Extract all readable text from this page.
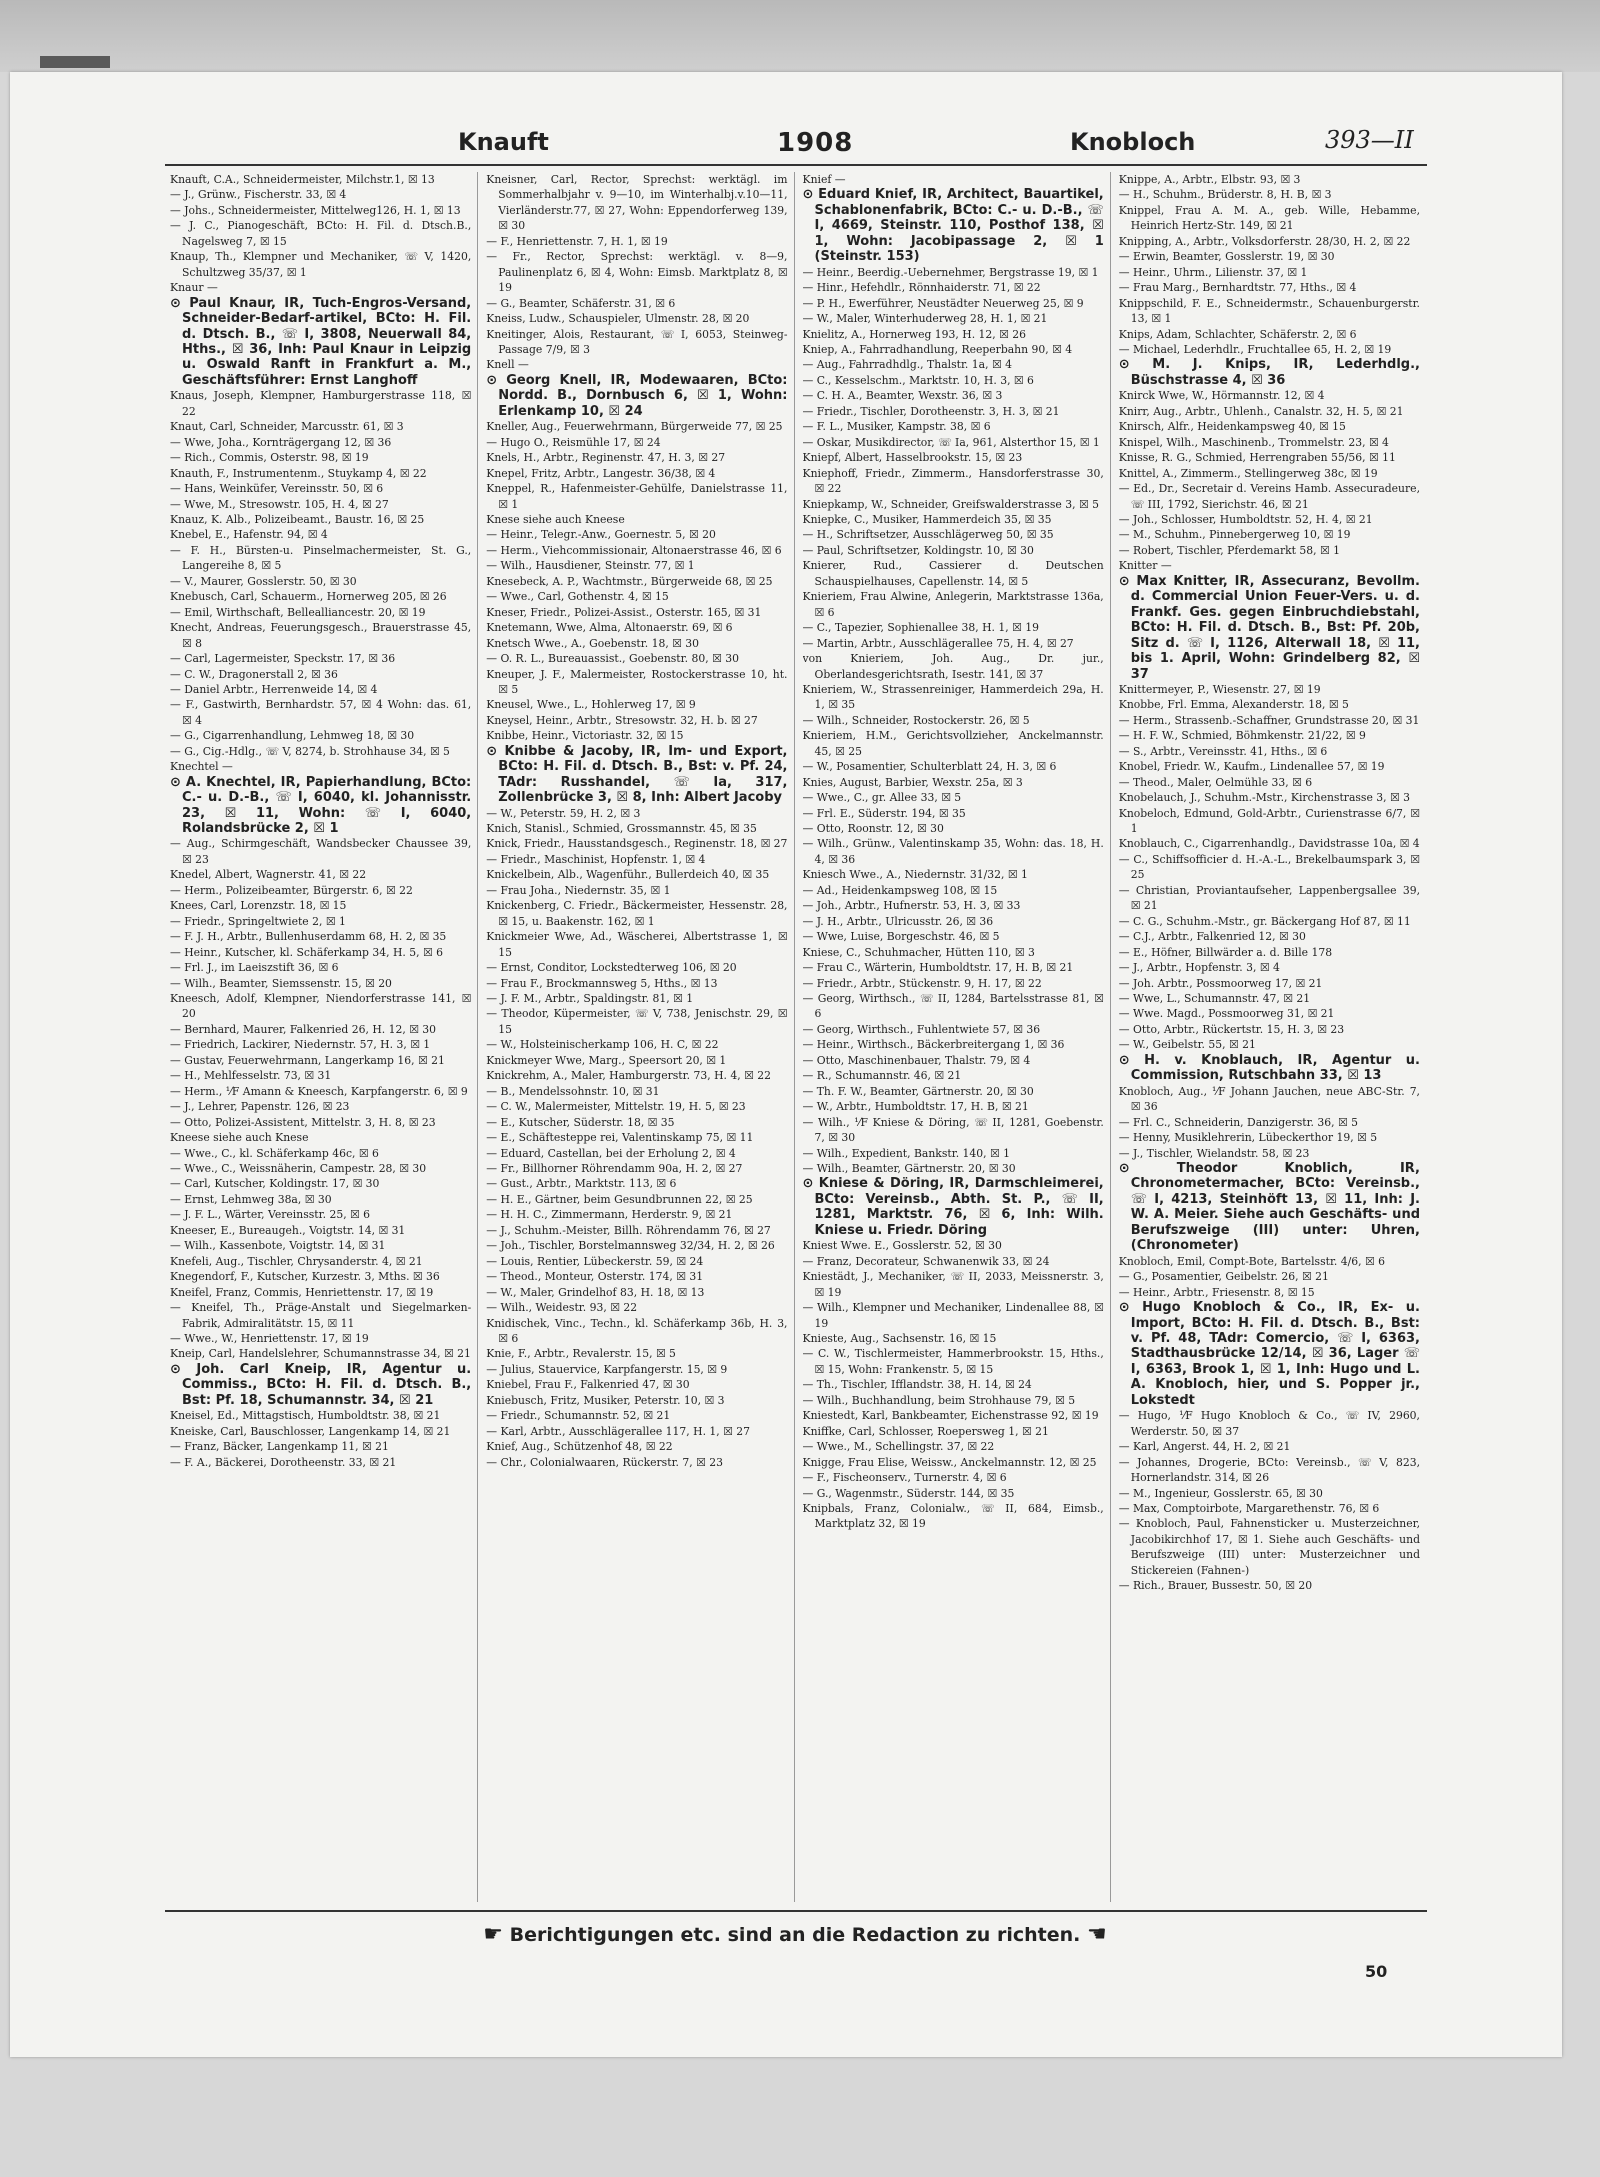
Knauft	1908	Knobloch	393—II

Knauft, C.A., Schneidermeister, Milchstr.1, ☒ 13

— J., Grünw., Fischerstr. 33, ☒ 4

— Johs., Schneidermeister, Mittelweg126, H. 1, ☒ 13

— J. C., Pianogeschäft, BCto: H. Fil. d. Dtsch.B., Nagelsweg 7, ☒ 15

Knaup, Th., Klempner und Mechaniker, ☏ V, 1420, Schultzweg 35/37, ☒ 1

Knaur —

⊙ Paul Knaur, IR, Tuch-Engros-Versand, Schneider-Bedarf-artikel, BCto: H. Fil. d. Dtsch. B., ☏ I, 3808, Neuerwall 84, Hths., ☒ 36, Inh: Paul Knaur in Leipzig u. Oswald Ranft in Frankfurt a. M., Geschäftsführer: Ernst Langhoff

Knaus, Joseph, Klempner, Hamburgerstrasse 118, ☒ 22

Knaut, Carl, Schneider, Marcusstr. 61, ☒ 3

— Wwe, Joha., Kornträgergang 12, ☒ 36

— Rich., Commis, Osterstr. 98, ☒ 19

Knauth, F., Instrumentenm., Stuykamp 4, ☒ 22

— Hans, Weinküfer, Vereinsstr. 50, ☒ 6

— Wwe, M., Stresowstr. 105, H. 4, ☒ 27

Knauz, K. Alb., Polizeibeamt., Baustr. 16, ☒ 25

Knebel, E., Hafenstr. 94, ☒ 4

— F. H., Bürsten-u. Pinselmachermeister, St. G., Langereihe 8, ☒ 5

— V., Maurer, Gosslerstr. 50, ☒ 30

Knebusch, Carl, Schauerm., Hornerweg 205, ☒ 26

— Emil, Wirthschaft, Bellealliancestr. 20, ☒ 19

Knecht, Andreas, Feuerungsgesch., Brauerstrasse 45, ☒ 8

— Carl, Lagermeister, Speckstr. 17, ☒ 36

— C. W., Dragonerstall 2, ☒ 36

— Daniel Arbtr., Herrenweide 14, ☒ 4

— F., Gastwirth, Bernhardstr. 57, ☒ 4 Wohn: das. 61, ☒ 4

— G., Cigarrenhandlung, Lehmweg 18, ☒ 30

— G., Cig.-Hdlg., ☏ V, 8274, b. Strohhause 34, ☒ 5

Knechtel —

⊙ A. Knechtel, IR, Papierhandlung, BCto: C.- u. D.-B., ☏ I, 6040, kl. Johannisstr. 23, ☒ 11, Wohn: ☏ I, 6040, Rolandsbrücke 2, ☒ 1

— Aug., Schirmgeschäft, Wandsbecker Chaussee 39, ☒ 23

Knedel, Albert, Wagnerstr. 41, ☒ 22

— Herm., Polizeibeamter, Bürgerstr. 6, ☒ 22

Knees, Carl, Lorenzstr. 18, ☒ 15

— Friedr., Springeltwiete 2, ☒ 1

— F. J. H., Arbtr., Bullenhuserdamm 68, H. 2, ☒ 35

— Heinr., Kutscher, kl. Schäferkamp 34, H. 5, ☒ 6

— Frl. J., im Laeiszstift 36, ☒ 6

— Wilh., Beamter, Siemssenstr. 15, ☒ 20

Kneesch, Adolf, Klempner, Niendorferstrasse 141, ☒ 20

— Bernhard, Maurer, Falkenried 26, H. 12, ☒ 30

— Friedrich, Lackirer, Niedernstr. 57, H. 3, ☒ 1

— Gustav, Feuerwehrmann, Langerkamp 16, ☒ 21

— H., Mehlfesselstr. 73, ☒ 31

— Herm., ⅟F Amann & Kneesch, Karpfangerstr. 6, ☒ 9

— J., Lehrer, Papenstr. 126, ☒ 23

— Otto, Polizei-Assistent, Mittelstr. 3, H. 8, ☒ 23

Kneese siehe auch Knese

— Wwe., C., kl. Schäferkamp 46c, ☒ 6

— Wwe., C., Weissnäherin, Campestr. 28, ☒ 30

— Carl, Kutscher, Koldingstr. 17, ☒ 30

— Ernst, Lehmweg 38a, ☒ 30

— J. F. L., Wärter, Vereinsstr. 25, ☒ 6

Kneeser, E., Bureaugeh., Voigtstr. 14, ☒ 31

— Wilh., Kassenbote, Voigtstr. 14, ☒ 31

Knefeli, Aug., Tischler, Chrysanderstr. 4, ☒ 21

Knegendorf, F., Kutscher, Kurzestr. 3, Mths. ☒ 36

Kneifel, Franz, Commis, Henriettenstr. 17, ☒ 19

— Kneifel, Th., Präge-Anstalt und Siegelmarken-Fabrik, Admiralitätstr. 15, ☒ 11

— Wwe., W., Henriettenstr. 17, ☒ 19

Kneip, Carl, Handelslehrer, Schumannstrasse 34, ☒ 21

⊙ Joh. Carl Kneip, IR, Agentur u. Commiss., BCto: H. Fil. d. Dtsch. B., Bst: Pf. 18, Schumannstr. 34, ☒ 21

Kneisel, Ed., Mittagstisch, Humboldtstr. 38, ☒ 21

Kneiske, Carl, Bauschlosser, Langenkamp 14, ☒ 21

— Franz, Bäcker, Langenkamp 11, ☒ 21

— F. A., Bäckerei, Dorotheenstr. 33, ☒ 21

Kneisner, Carl, Rector, Sprechst: werktägl. im Sommerhalbjahr v. 9—10, im Winterhalbj.v.10—11, Vierländerstr.77, ☒ 27, Wohn: Eppendorferweg 139, ☒ 30

— F., Henriettenstr. 7, H. 1, ☒ 19

— Fr., Rector, Sprechst: werktägl. v. 8—9, Paulinenplatz 6, ☒ 4, Wohn: Eimsb. Marktplatz 8, ☒ 19

— G., Beamter, Schäferstr. 31, ☒ 6

Kneiss, Ludw., Schauspieler, Ulmenstr. 28, ☒ 20

Kneitinger, Alois, Restaurant, ☏ I, 6053, Steinweg-Passage 7/9, ☒ 3

Knell —

⊙ Georg Knell, IR, Modewaaren, BCto: Nordd. B., Dornbusch 6, ☒ 1, Wohn: Erlenkamp 10, ☒ 24

Kneller, Aug., Feuerwehrmann, Bürgerweide 77, ☒ 25

— Hugo O., Reismühle 17, ☒ 24

Knels, H., Arbtr., Reginenstr. 47, H. 3, ☒ 27

Knepel, Fritz, Arbtr., Langestr. 36/38, ☒ 4

Kneppel, R., Hafenmeister-Gehülfe, Danielstrasse 11, ☒ 1

Knese siehe auch Kneese

— Heinr., Telegr.-Anw., Goernestr. 5, ☒ 20

— Herm., Viehcommissionair, Altonaerstrasse 46, ☒ 6

— Wilh., Hausdiener, Steinstr. 77, ☒ 1

Knesebeck, A. P., Wachtmstr., Bürgerweide 68, ☒ 25

— Wwe., Carl, Gothenstr. 4, ☒ 15

Kneser, Friedr., Polizei-Assist., Osterstr. 165, ☒ 31

Knetemann, Wwe, Alma, Altonaerstr. 69, ☒ 6

Knetsch Wwe., A., Goebenstr. 18, ☒ 30

— O. R. L., Bureauassist., Goebenstr. 80, ☒ 30

Kneuper, J. F., Malermeister, Rostockerstrasse 10, ht. ☒ 5

Kneusel, Wwe., L., Hohlerweg 17, ☒ 9

Kneysel, Heinr., Arbtr., Stresowstr. 32, H. b. ☒ 27

Knibbe, Heinr., Victoriastr. 32, ☒ 15

⊙ Knibbe & Jacoby, IR, Im- und Export, BCto: H. Fil. d. Dtsch. B., Bst: v. Pf. 24, TAdr: Russhandel, ☏ Ia, 317, Zollenbrücke 3, ☒ 8, Inh: Albert Jacoby

— W., Peterstr. 59, H. 2, ☒ 3

Knich, Stanisl., Schmied, Grossmannstr. 45, ☒ 35

Knick, Friedr., Hausstandsgesch., Reginenstr. 18, ☒ 27

— Friedr., Maschinist, Hopfenstr. 1, ☒ 4

Knickelbein, Alb., Wagenführ., Bullerdeich 40, ☒ 35

— Frau Joha., Niedernstr. 35, ☒ 1

Knickenberg, C. Friedr., Bäckermeister, Hessenstr. 28, ☒ 15, u. Baakenstr. 162, ☒ 1

Knickmeier Wwe, Ad., Wäscherei, Albertstrasse 1, ☒ 15

— Ernst, Conditor, Lockstedterweg 106, ☒ 20

— Frau F., Brockmannsweg 5, Hths., ☒ 13

— J. F. M., Arbtr., Spaldingstr. 81, ☒ 1

— Theodor, Küpermeister, ☏ V, 738, Jenischstr. 29, ☒ 15

— W., Holsteinischerkamp 106, H. C, ☒ 22

Knickmeyer Wwe, Marg., Speersort 20, ☒ 1

Knickrehm, A., Maler, Hamburgerstr. 73, H. 4, ☒ 22

— B., Mendelssohnstr. 10, ☒ 31

— C. W., Malermeister, Mittelstr. 19, H. 5, ☒ 23

— E., Kutscher, Süderstr. 18, ☒ 35

— E., Schäftesteppe rei, Valentinskamp 75, ☒ 11

— Eduard, Castellan, bei der Erholung 2, ☒ 4

— Fr., Billhorner Röhrendamm 90a, H. 2, ☒ 27

— Gust., Arbtr., Marktstr. 113, ☒ 6

— H. E., Gärtner, beim Gesundbrunnen 22, ☒ 25

— H. H. C., Zimmermann, Herderstr. 9, ☒ 21

— J., Schuhm.-Meister, Billh. Röhrendamm 76, ☒ 27

— Joh., Tischler, Borstelmannsweg 32/34, H. 2, ☒ 26

— Louis, Rentier, Lübeckerstr. 59, ☒ 24

— Theod., Monteur, Osterstr. 174, ☒ 31

— W., Maler, Grindelhof 83, H. 18, ☒ 13

— Wilh., Weidestr. 93, ☒ 22

Knidischek, Vinc., Techn., kl. Schäferkamp 36b, H. 3, ☒ 6

Knie, F., Arbtr., Revalerstr. 15, ☒ 5

— Julius, Stauervice, Karpfangerstr. 15, ☒ 9

Kniebel, Frau F., Falkenried 47, ☒ 30

Kniebusch, Fritz, Musiker, Peterstr. 10, ☒ 3

— Friedr., Schumannstr. 52, ☒ 21

— Karl, Arbtr., Ausschlägerallee 117, H. 1, ☒ 27

Knief, Aug., Schützenhof 48, ☒ 22

— Chr., Colonialwaaren, Rückerstr. 7, ☒ 23

Knief —

⊙ Eduard Knief, IR, Architect, Bauartikel, Schablonenfabrik, BCto: C.- u. D.-B., ☏ I, 4669, Steinstr. 110, Posthof 138, ☒ 1, Wohn: Jacobipassage 2, ☒ 1 (Steinstr. 153)

— Heinr., Beerdig.-Uebernehmer, Bergstrasse 19, ☒ 1

— Hinr., Hefehdlr., Rönnhaiderstr. 71, ☒ 22

— P. H., Ewerführer, Neustädter Neuerweg 25, ☒ 9

— W., Maler, Winterhuderweg 28, H. 1, ☒ 21

Knielitz, A., Hornerweg 193, H. 12, ☒ 26

Kniep, A., Fahrradhandlung, Reeperbahn 90, ☒ 4

— Aug., Fahrradhdlg., Thalstr. 1a, ☒ 4

— C., Kesselschm., Marktstr. 10, H. 3, ☒ 6

— C. H. A., Beamter, Wexstr. 36, ☒ 3

— Friedr., Tischler, Dorotheenstr. 3, H. 3, ☒ 21

— F. L., Musiker, Kampstr. 38, ☒ 6

— Oskar, Musikdirector, ☏ Ia, 961, Alsterthor 15, ☒ 1

Kniepf, Albert, Hasselbrookstr. 15, ☒ 23

Kniephoff, Friedr., Zimmerm., Hansdorferstrasse 30, ☒ 22

Kniepkamp, W., Schneider, Greifswalderstrasse 3, ☒ 5

Kniepke, C., Musiker, Hammerdeich 35, ☒ 35

— H., Schriftsetzer, Ausschlägerweg 50, ☒ 35

— Paul, Schriftsetzer, Koldingstr. 10, ☒ 30

Knierer, Rud., Cassierer d. Deutschen Schauspielhauses, Capellenstr. 14, ☒ 5

Knieriem, Frau Alwine, Anlegerin, Marktstrasse 136a, ☒ 6

— C., Tapezier, Sophienallee 38, H. 1, ☒ 19

— Martin, Arbtr., Ausschlägerallee 75, H. 4, ☒ 27

von Knieriem, Joh. Aug., Dr. jur., Oberlandesgerichtsrath, Isestr. 141, ☒ 37

Knieriem, W., Strassenreiniger, Hammerdeich 29a, H. 1, ☒ 35

— Wilh., Schneider, Rostockerstr. 26, ☒ 5

Knieriem, H.M., Gerichtsvollzieher, Anckelmannstr. 45, ☒ 25

— W., Posamentier, Schulterblatt 24, H. 3, ☒ 6

Knies, August, Barbier, Wexstr. 25a, ☒ 3

— Wwe., C., gr. Allee 33, ☒ 5

— Frl. E., Süderstr. 194, ☒ 35

— Otto, Roonstr. 12, ☒ 30

— Wilh., Grünw., Valentinskamp 35, Wohn: das. 18, H. 4, ☒ 36

Kniesch Wwe., A., Niedernstr. 31/32, ☒ 1

— Ad., Heidenkampsweg 108, ☒ 15

— Joh., Arbtr., Hufnerstr. 53, H. 3, ☒ 33

— J. H., Arbtr., Ulricusstr. 26, ☒ 36

— Wwe, Luise, Borgeschstr. 46, ☒ 5

Kniese, C., Schuhmacher, Hütten 110, ☒ 3

— Frau C., Wärterin, Humboldtstr. 17, H. B, ☒ 21

— Friedr., Arbtr., Stückenstr. 9, H. 17, ☒ 22

— Georg, Wirthsch., ☏ II, 1284, Bartelsstrasse 81, ☒ 6

— Georg, Wirthsch., Fuhlentwiete 57, ☒ 36

— Heinr., Wirthsch., Bäckerbreitergang 1, ☒ 36

— Otto, Maschinenbauer, Thalstr. 79, ☒ 4

— R., Schumannstr. 46, ☒ 21

— Th. F. W., Beamter, Gärtnerstr. 20, ☒ 30

— W., Arbtr., Humboldtstr. 17, H. B, ☒ 21

— Wilh., ⅟F Kniese & Döring, ☏ II, 1281, Goebenstr. 7, ☒ 30

— Wilh., Expedient, Bankstr. 140, ☒ 1

— Wilh., Beamter, Gärtnerstr. 20, ☒ 30

⊙ Kniese & Döring, IR, Darmschleimerei, BCto: Vereinsb., Abth. St. P., ☏ II, 1281, Marktstr. 76, ☒ 6, Inh: Wilh. Kniese u. Friedr. Döring

Kniest Wwe. E., Gosslerstr. 52, ☒ 30

— Franz, Decorateur, Schwanenwik 33, ☒ 24

Kniestädt, J., Mechaniker, ☏ II, 2033, Meissnerstr. 3, ☒ 19

— Wilh., Klempner und Mechaniker, Lindenallee 88, ☒ 19

Knieste, Aug., Sachsenstr. 16, ☒ 15

— C. W., Tischlermeister, Hammerbrookstr. 15, Hths., ☒ 15, Wohn: Frankenstr. 5, ☒ 15

— Th., Tischler, Ifflandstr. 38, H. 14, ☒ 24

— Wilh., Buchhandlung, beim Strohhause 79, ☒ 5

Kniestedt, Karl, Bankbeamter, Eichenstrasse 92, ☒ 19

Kniffke, Carl, Schlosser, Roepersweg 1, ☒ 21

— Wwe., M., Schellingstr. 37, ☒ 22

Knigge, Frau Elise, Weissw., Anckelmannstr. 12, ☒ 25

— F., Fischeonserv., Turnerstr. 4, ☒ 6

— G., Wagenmstr., Süderstr. 144, ☒ 35

Knipbals, Franz, Colonialw., ☏ II, 684, Eimsb., Marktplatz 32, ☒ 19

Knippe, A., Arbtr., Elbstr. 93, ☒ 3

— H., Schuhm., Brüderstr. 8, H. B, ☒ 3

Knippel, Frau A. M. A., geb. Wille, Hebamme, Heinrich Hertz-Str. 149, ☒ 21

Knipping, A., Arbtr., Volksdorferstr. 28/30, H. 2, ☒ 22

— Erwin, Beamter, Gosslerstr. 19, ☒ 30

— Heinr., Uhrm., Lilienstr. 37, ☒ 1

— Frau Marg., Bernhardtstr. 77, Hths., ☒ 4

Knippschild, F. E., Schneidermstr., Schauenburgerstr. 13, ☒ 1

Knips, Adam, Schlachter, Schäferstr. 2, ☒ 6

— Michael, Lederhdlr., Fruchtallee 65, H. 2, ☒ 19

⊙ M. J. Knips, IR, Lederhdlg., Büschstrasse 4, ☒ 36

Knirck Wwe, W., Hörmannstr. 12, ☒ 4

Knirr, Aug., Arbtr., Uhlenh., Canalstr. 32, H. 5, ☒ 21

Knirsch, Alfr., Heidenkampsweg 40, ☒ 15

Knispel, Wilh., Maschinenb., Trommelstr. 23, ☒ 4

Knisse, R. G., Schmied, Herrengraben 55/56, ☒ 11

Knittel, A., Zimmerm., Stellingerweg 38c, ☒ 19

— Ed., Dr., Secretair d. Vereins Hamb. Assecuradeure, ☏ III, 1792, Sierichstr. 46, ☒ 21

— Joh., Schlosser, Humboldtstr. 52, H. 4, ☒ 21

— M., Schuhm., Pinnebergerweg 10, ☒ 19

— Robert, Tischler, Pferdemarkt 58, ☒ 1

Knitter —

⊙ Max Knitter, IR, Assecuranz, Bevollm. d. Commercial Union Feuer-Vers. u. d. Frankf. Ges. gegen Einbruchdiebstahl, BCto: H. Fil. d. Dtsch. B., Bst: Pf. 20b, Sitz d. ☏ I, 1126, Alterwall 18, ☒ 11, bis 1. April, Wohn: Grindelberg 82, ☒ 37

Knittermeyer, P., Wiesenstr. 27, ☒ 19

Knobbe, Frl. Emma, Alexanderstr. 18, ☒ 5

— Herm., Strassenb.-Schaffner, Grundstrasse 20, ☒ 31

— H. F. W., Schmied, Böhmkenstr. 21/22, ☒ 9

— S., Arbtr., Vereinsstr. 41, Hths., ☒ 6

Knobel, Friedr. W., Kaufm., Lindenallee 57, ☒ 19

— Theod., Maler, Oelmühle 33, ☒ 6

Knobelauch, J., Schuhm.-Mstr., Kirchenstrasse 3, ☒ 3

Knobeloch, Edmund, Gold-Arbtr., Curienstrasse 6/7, ☒ 1

Knoblauch, C., Cigarrenhandlg., Davidstrasse 10a, ☒ 4

— C., Schiffsofficier d. H.-A.-L., Brekelbaumspark 3, ☒ 25

— Christian, Proviantaufseher, Lappenbergsallee 39, ☒ 21

— C. G., Schuhm.-Mstr., gr. Bäckergang Hof 87, ☒ 11

— C.J., Arbtr., Falkenried 12, ☒ 30

— E., Höfner, Billwärder a. d. Bille 178

— J., Arbtr., Hopfenstr. 3, ☒ 4

— Joh. Arbtr., Possmoorweg 17, ☒ 21

— Wwe, L., Schumannstr. 47, ☒ 21

— Wwe. Magd., Possmoorweg 31, ☒ 21

— Otto, Arbtr., Rückertstr. 15, H. 3, ☒ 23

— W., Geibelstr. 55, ☒ 21

⊙ H. v. Knoblauch, IR, Agentur u. Commission, Rutschbahn 33, ☒ 13

Knobloch, Aug., ⅟F Johann Jauchen, neue ABC-Str. 7, ☒ 36

— Frl. C., Schneiderin, Danzigerstr. 36, ☒ 5

— Henny, Musiklehrerin, Lübeckerthor 19, ☒ 5

— J., Tischler, Wielandstr. 58, ☒ 23

⊙ Theodor Knoblich, IR, Chronometermacher, BCto: Vereinsb., ☏ I, 4213, Steinhöft 13, ☒ 11, Inh: J. W. A. Meier. Siehe auch Geschäfts- und Berufszweige (III) unter: Uhren, (Chronometer)

Knobloch, Emil, Compt-Bote, Bartelsstr. 4/6, ☒ 6

— G., Posamentier, Geibelstr. 26, ☒ 21

— Heinr., Arbtr., Friesenstr. 8, ☒ 15

⊙ Hugo Knobloch & Co., IR, Ex- u. Import, BCto: H. Fil. d. Dtsch. B., Bst: v. Pf. 48, TAdr: Comercio, ☏ I, 6363, Stadthausbrücke 12/14, ☒ 36, Lager ☏ I, 6363, Brook 1, ☒ 1, Inh: Hugo und L. A. Knobloch, hier, und S. Popper jr., Lokstedt

— Hugo, ⅟F Hugo Knobloch & Co., ☏ IV, 2960, Werderstr. 50, ☒ 37

— Karl, Angerst. 44, H. 2, ☒ 21

— Johannes, Drogerie, BCto: Vereinsb., ☏ V, 823, Hornerlandstr. 314, ☒ 26

— M., Ingenieur, Gosslerstr. 65, ☒ 30

— Max, Comptoirbote, Margarethenstr. 76, ☒ 6

— Knobloch, Paul, Fahnensticker u. Musterzeichner, Jacobikirchhof 17, ☒ 1. Siehe auch Geschäfts- und Berufszweige (III) unter: Musterzeichner und Stickereien (Fahnen-)

— Rich., Brauer, Bussestr. 50, ☒ 20

☛ Berichtigungen etc. sind an die Redaction zu richten. ☚
50
